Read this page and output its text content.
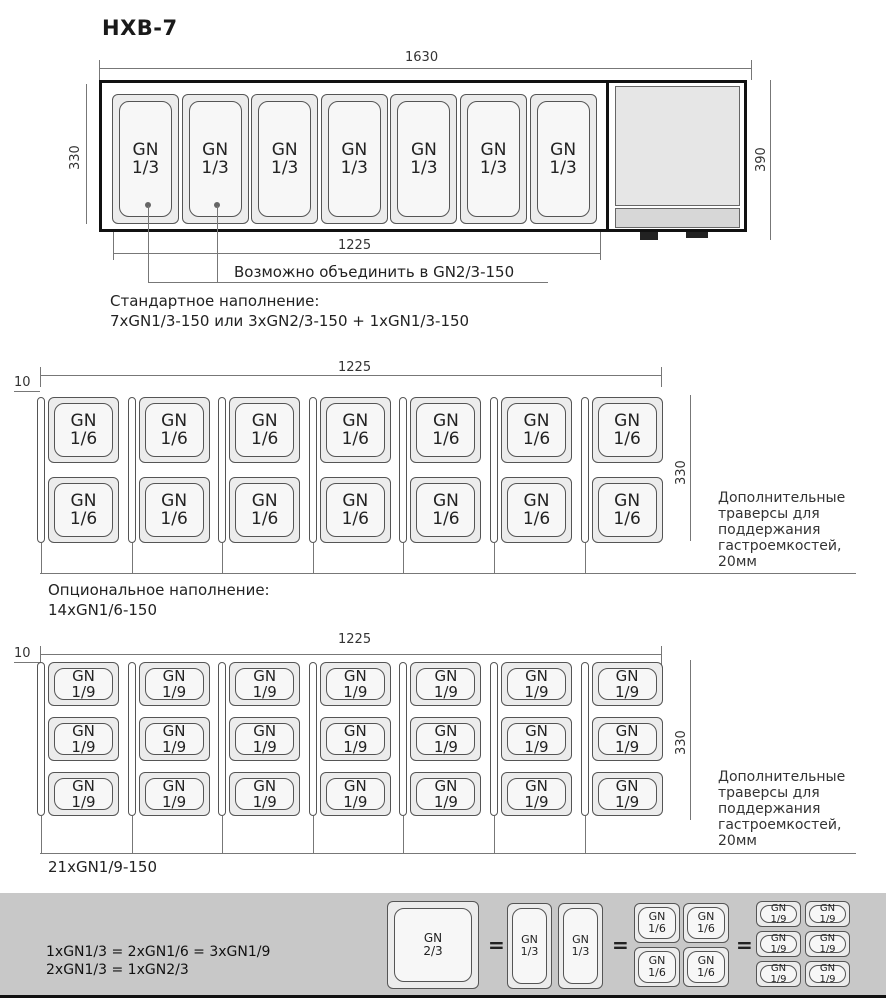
HXB-7
1630
330	390
GN
1/3
GN
1/3
GN
1/3
GN
1/3
GN
1/3
GN
1/3
GN
1/3
1225
Возможно объединить в GN2/3-150
Стандартное наполнение:
7xGN1/3-150 или 3xGN2/3-150 + 1xGN1/3-150
1225
10
330
GN
1/6
GN
1/6
GN
1/6
GN
1/6
GN
1/6
GN
1/6
GN
1/6
GN
1/6
GN
1/6
GN
1/6
GN
1/6
GN
1/6
GN
1/6
GN
1/6
Дополнительные
траверсы для
поддержания
гастроемкостей,
20мм
Опциональное наполнение:
14xGN1/6-150
1225
10
330
GN
1/9
GN
1/9
GN
1/9
GN
1/9
GN
1/9
GN
1/9
GN
1/9
GN
1/9
GN
1/9
GN
1/9
GN
1/9
GN
1/9
GN
1/9
GN
1/9
GN
1/9
GN
1/9
GN
1/9
GN
1/9
GN
1/9
GN
1/9
GN
1/9
Дополнительные
траверсы для
поддержания
гастроемкостей,
20мм
21xGN1/9-150
1xGN1/3 = 2xGN1/6 = 3xGN1/9
2xGN1/3 = 1xGN2/3
GN
2/3 = GN
1/3
GN
1/3 =
GN
1/6
GN
1/6
GN
1/6
GN
1/6
=
GN
1/9
GN
1/9
GN
1/9
GN
1/9
GN
1/9
GN
1/9
